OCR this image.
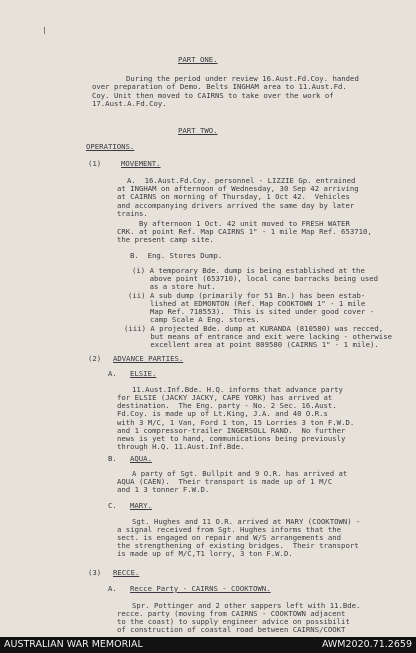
PART ONE.
During the period under review 16.Aust.Fd.Coy. handed
over preparation of Demo. Belts INGHAM area to 11.Aust.Fd.
Coy. Unit then moved to CAIRNS to take over the work of
17.Aust.A.Fd.Coy.
PART TWO.
OPERATIONS.
(1)	MOVEMENT.
A.  16.Aust.Fd.Coy. personnel - LIZZIE Gp. entrained
at INGHAM on afternoon of Wednesday, 30 Sep 42 arriving
at CAIRNS on morning of Thursday, 1 Oct 42.  Vehicles
and accompanying drivers arrived the same day by later
trains.
By afternoon 1 Oct. 42 unit moved to FRESH WATER
CRK. at point Ref. Map CAIRNS 1" - 1 mile Map Ref. 653710,
the present camp site.
B.  Eng. Stores Dump.
(i) A temporary Bde. dump is being established at the
above point (653710), local cane barracks being used
as a store hut.
(ii) A sub dump (primarily for 51 Bn.) has been estab-
lished at EDMONTON (Ref. Map COOKTOWN 1" - 1 mile
Map Ref. 718553).  This is sited under good cover -
camp Scale A Eng. stores.
(iii) A projected Bde. dump at KURANDA (810580) was recced,
but means of entrance and exit were lacking - otherwise
excellent area at point 809580 (CAIRNS 1" - 1 mile).
(2) ADVANCE PARTIES.
A. ELSIE.
11.Aust.Inf.Bde. H.Q. informs that advance party
for ELSIE (JACKY JACKY, CAPE YORK) has arrived at
destination.  The Eng. party - No. 2 Sec. 16.Aust.
Fd.Coy. is made up of Lt.King, J.A. and 40 O.R.s
with 3 M/C, 1 Van, Ford 1 ton, 15 Lorries 3 ton F.W.D.
and 1 compressor-trailer INGERSOLL RAND.  No further
news is yet to hand, communications being previously
through H.Q. 11.Aust.Inf.Bde.
B. AQUA.
A party of Sgt. Bullpit and 9 O.R. has arrived at
AQUA (CAEN).  Their transport is made up of 1 M/C
and 1 3 tonner F.W.D.
C. MARY.
Sgt. Hughes and 11 O.R. arrived at MARY (COOKTOWN) -
a signal received from Sgt. Hughes informs that the
sect. is engaged on repair and W/S arrangements and
the strengthening of existing bridges.  Their transport
is made up of M/C,T1 lorry, 3 ton F.W.D.
(3) RECCE.
A. Recce Party - CAIRNS - COOKTOWN.
Spr. Pottinger and 2 other sappers left with 11.Bde.
recce. party (moving from CAIRNS - COOKTOWN adjacent
to the coast) to supply engineer advice on possibilit
of construction of coastal road between CAIRNS/COOKT
AUSTRALIAN WAR MEMORIAL	AWM2020.71.2659
